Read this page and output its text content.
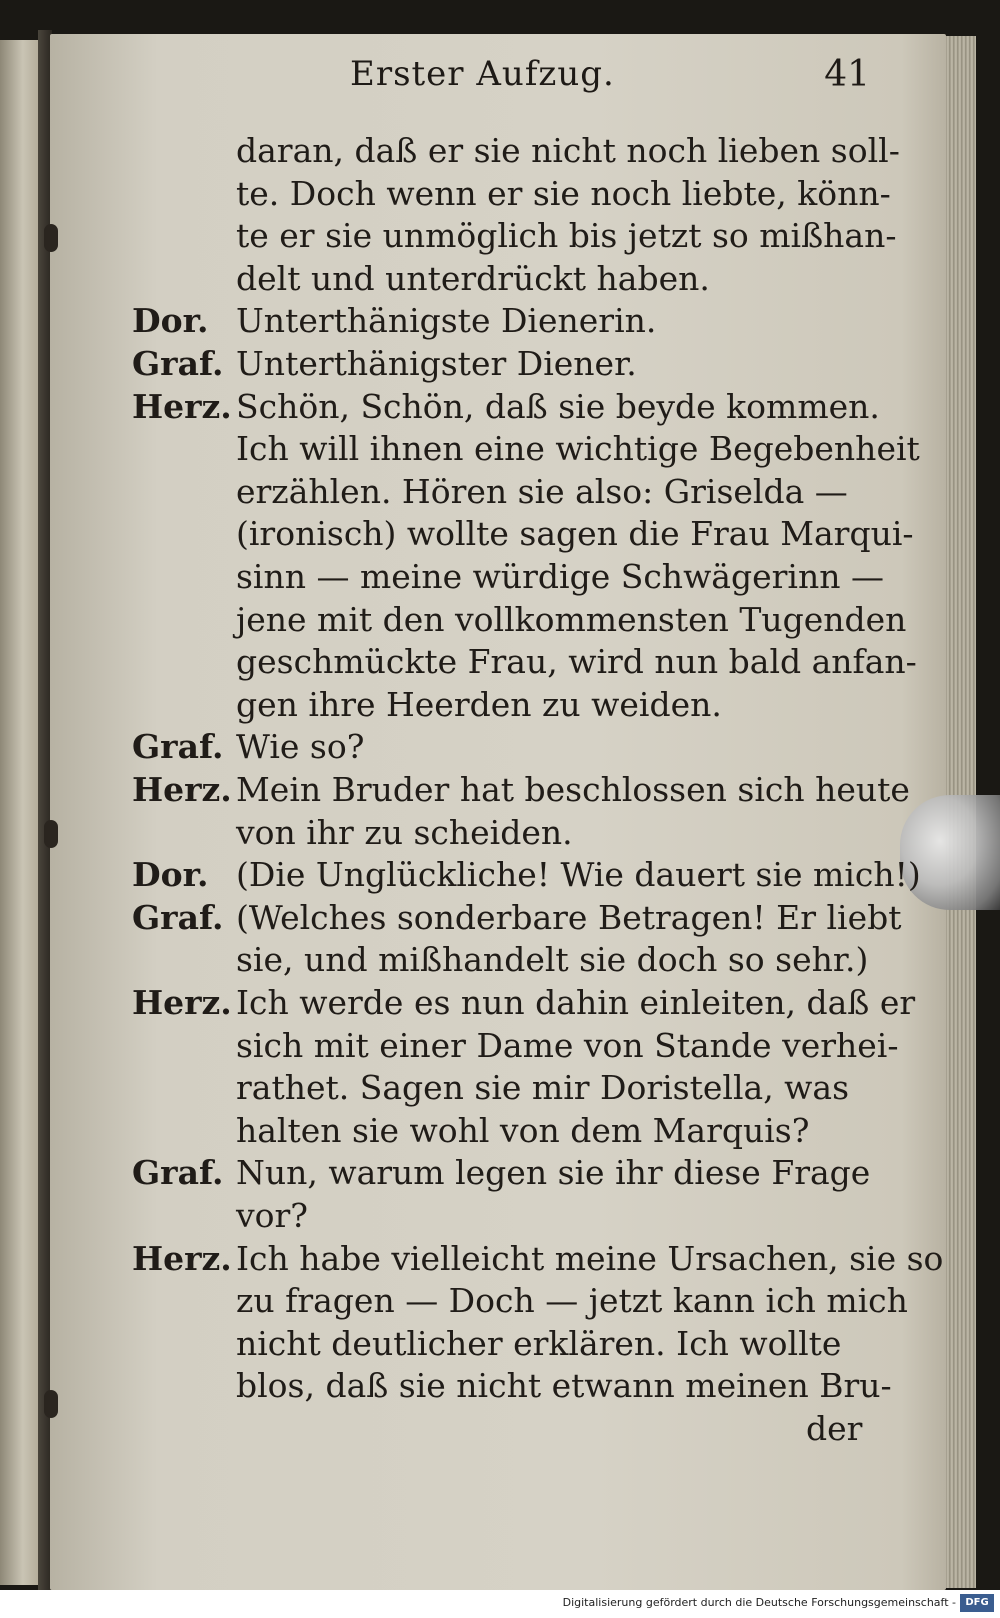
Erster Aufzug.	41
daran, daß er sie nicht noch lieben soll-
te. Doch wenn er sie noch liebte, könn-
te er sie unmöglich bis jetzt so mißhan-
delt und unterdrückt haben.
Dor. Unterthänigste Dienerin.
Graf. Unterthänigster Diener.
Herz. Schön, Schön, daß sie beyde kommen.
Ich will ihnen eine wichtige Begebenheit
erzählen. Hören sie also: Griselda —
(ironisch) wollte sagen die Frau Marqui-
sinn — meine würdige Schwägerinn —
jene mit den vollkommensten Tugenden
geschmückte Frau, wird nun bald anfan-
gen ihre Heerden zu weiden.
Graf. Wie so?
Herz. Mein Bruder hat beschlossen sich heute
von ihr zu scheiden.
Dor. (Die Unglückliche! Wie dauert sie mich!)
Graf. (Welches sonderbare Betragen! Er liebt
sie, und mißhandelt sie doch so sehr.)
Herz. Ich werde es nun dahin einleiten, daß er
sich mit einer Dame von Stande verhei-
rathet. Sagen sie mir Doristella, was
halten sie wohl von dem Marquis?
Graf. Nun, warum legen sie ihr diese Frage
vor?
Herz. Ich habe vielleicht meine Ursachen, sie so
zu fragen — Doch — jetzt kann ich mich
nicht deutlicher erklären. Ich wollte
blos, daß sie nicht etwann meinen Bru-
der
Digitalisierung gefördert durch die Deutsche Forschungsgemeinschaft - DFG
